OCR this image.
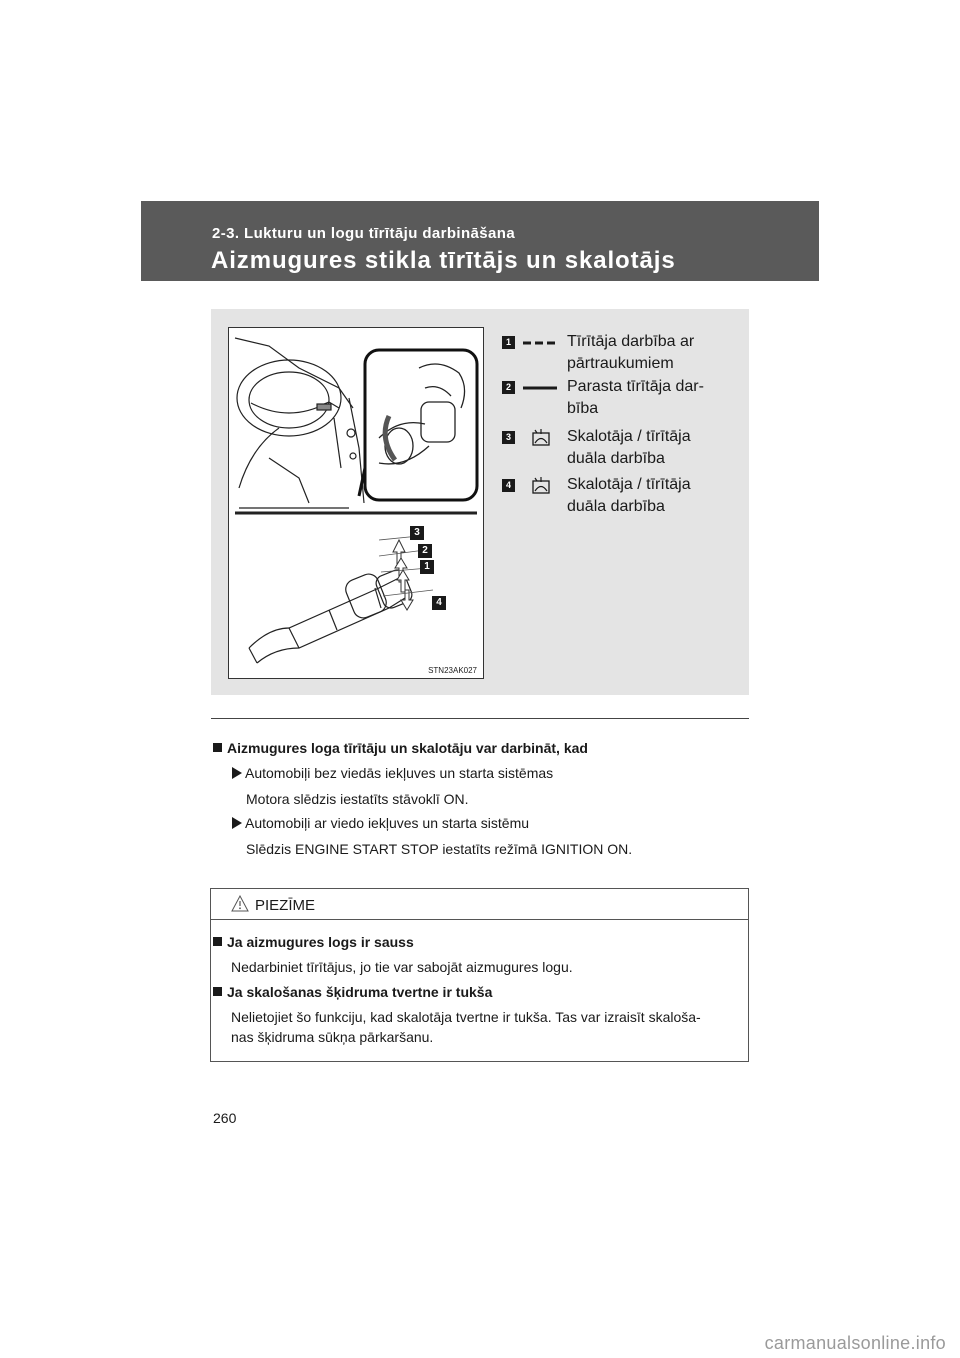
2-3. Lukturu un logu tīrītāju darbināšana
Aizmugures stikla tīrītājs un skalotājs
3
2
1
4
STN23AK027
1	Tīrītāja darbība ar
pārtraukumiem
2	Parasta tīrītāja dar-
bība
3	Skalotāja / tīrītāja
duāla darbība
4	Skalotāja / tīrītāja
duāla darbība
Aizmugures loga tīrītāju un skalotāju var darbināt, kad
Automobiļi bez viedās iekļuves un starta sistēmas
Motora slēdzis iestatīts stāvoklī ON.
Automobiļi ar viedo iekļuves un starta sistēmu
Slēdzis ENGINE START STOP iestatīts režīmā IGNITION ON.
PIEZĪME
Ja aizmugures logs ir sauss
Nedarbiniet tīrītājus, jo tie var sabojāt aizmugures logu.
Ja skalošanas šķidruma tvertne ir tukša
Nelietojiet šo funkciju, kad skalotāja tvertne ir tukša. Tas var izraisīt skaloša-
nas šķidruma sūkņa pārkaršanu.
260
carmanualsonline.info
